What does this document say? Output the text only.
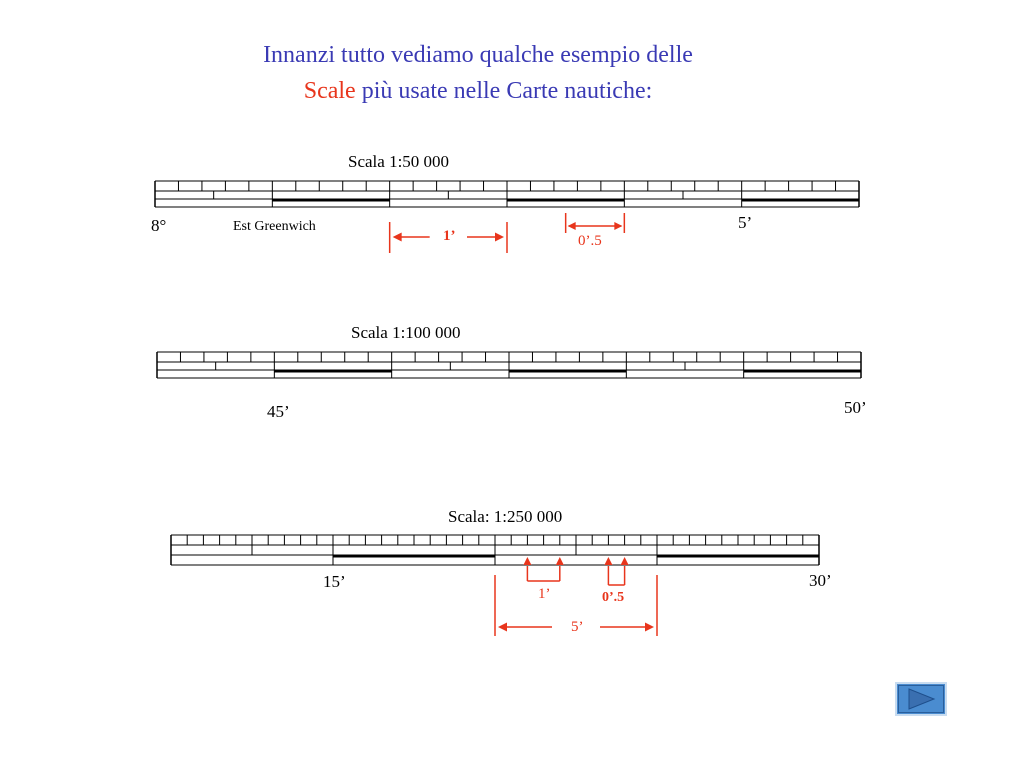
Innanzi tutto vediamo qualche esempio delle
Scale più usate nelle Carte nautiche:
Scala 1:50 000
8°	Est Greenwich	5’
1’	0’.5
Scala 1:100 000
45’	50’
Scala: 1:250 000
15’	30’
1’	0’.5
5’
